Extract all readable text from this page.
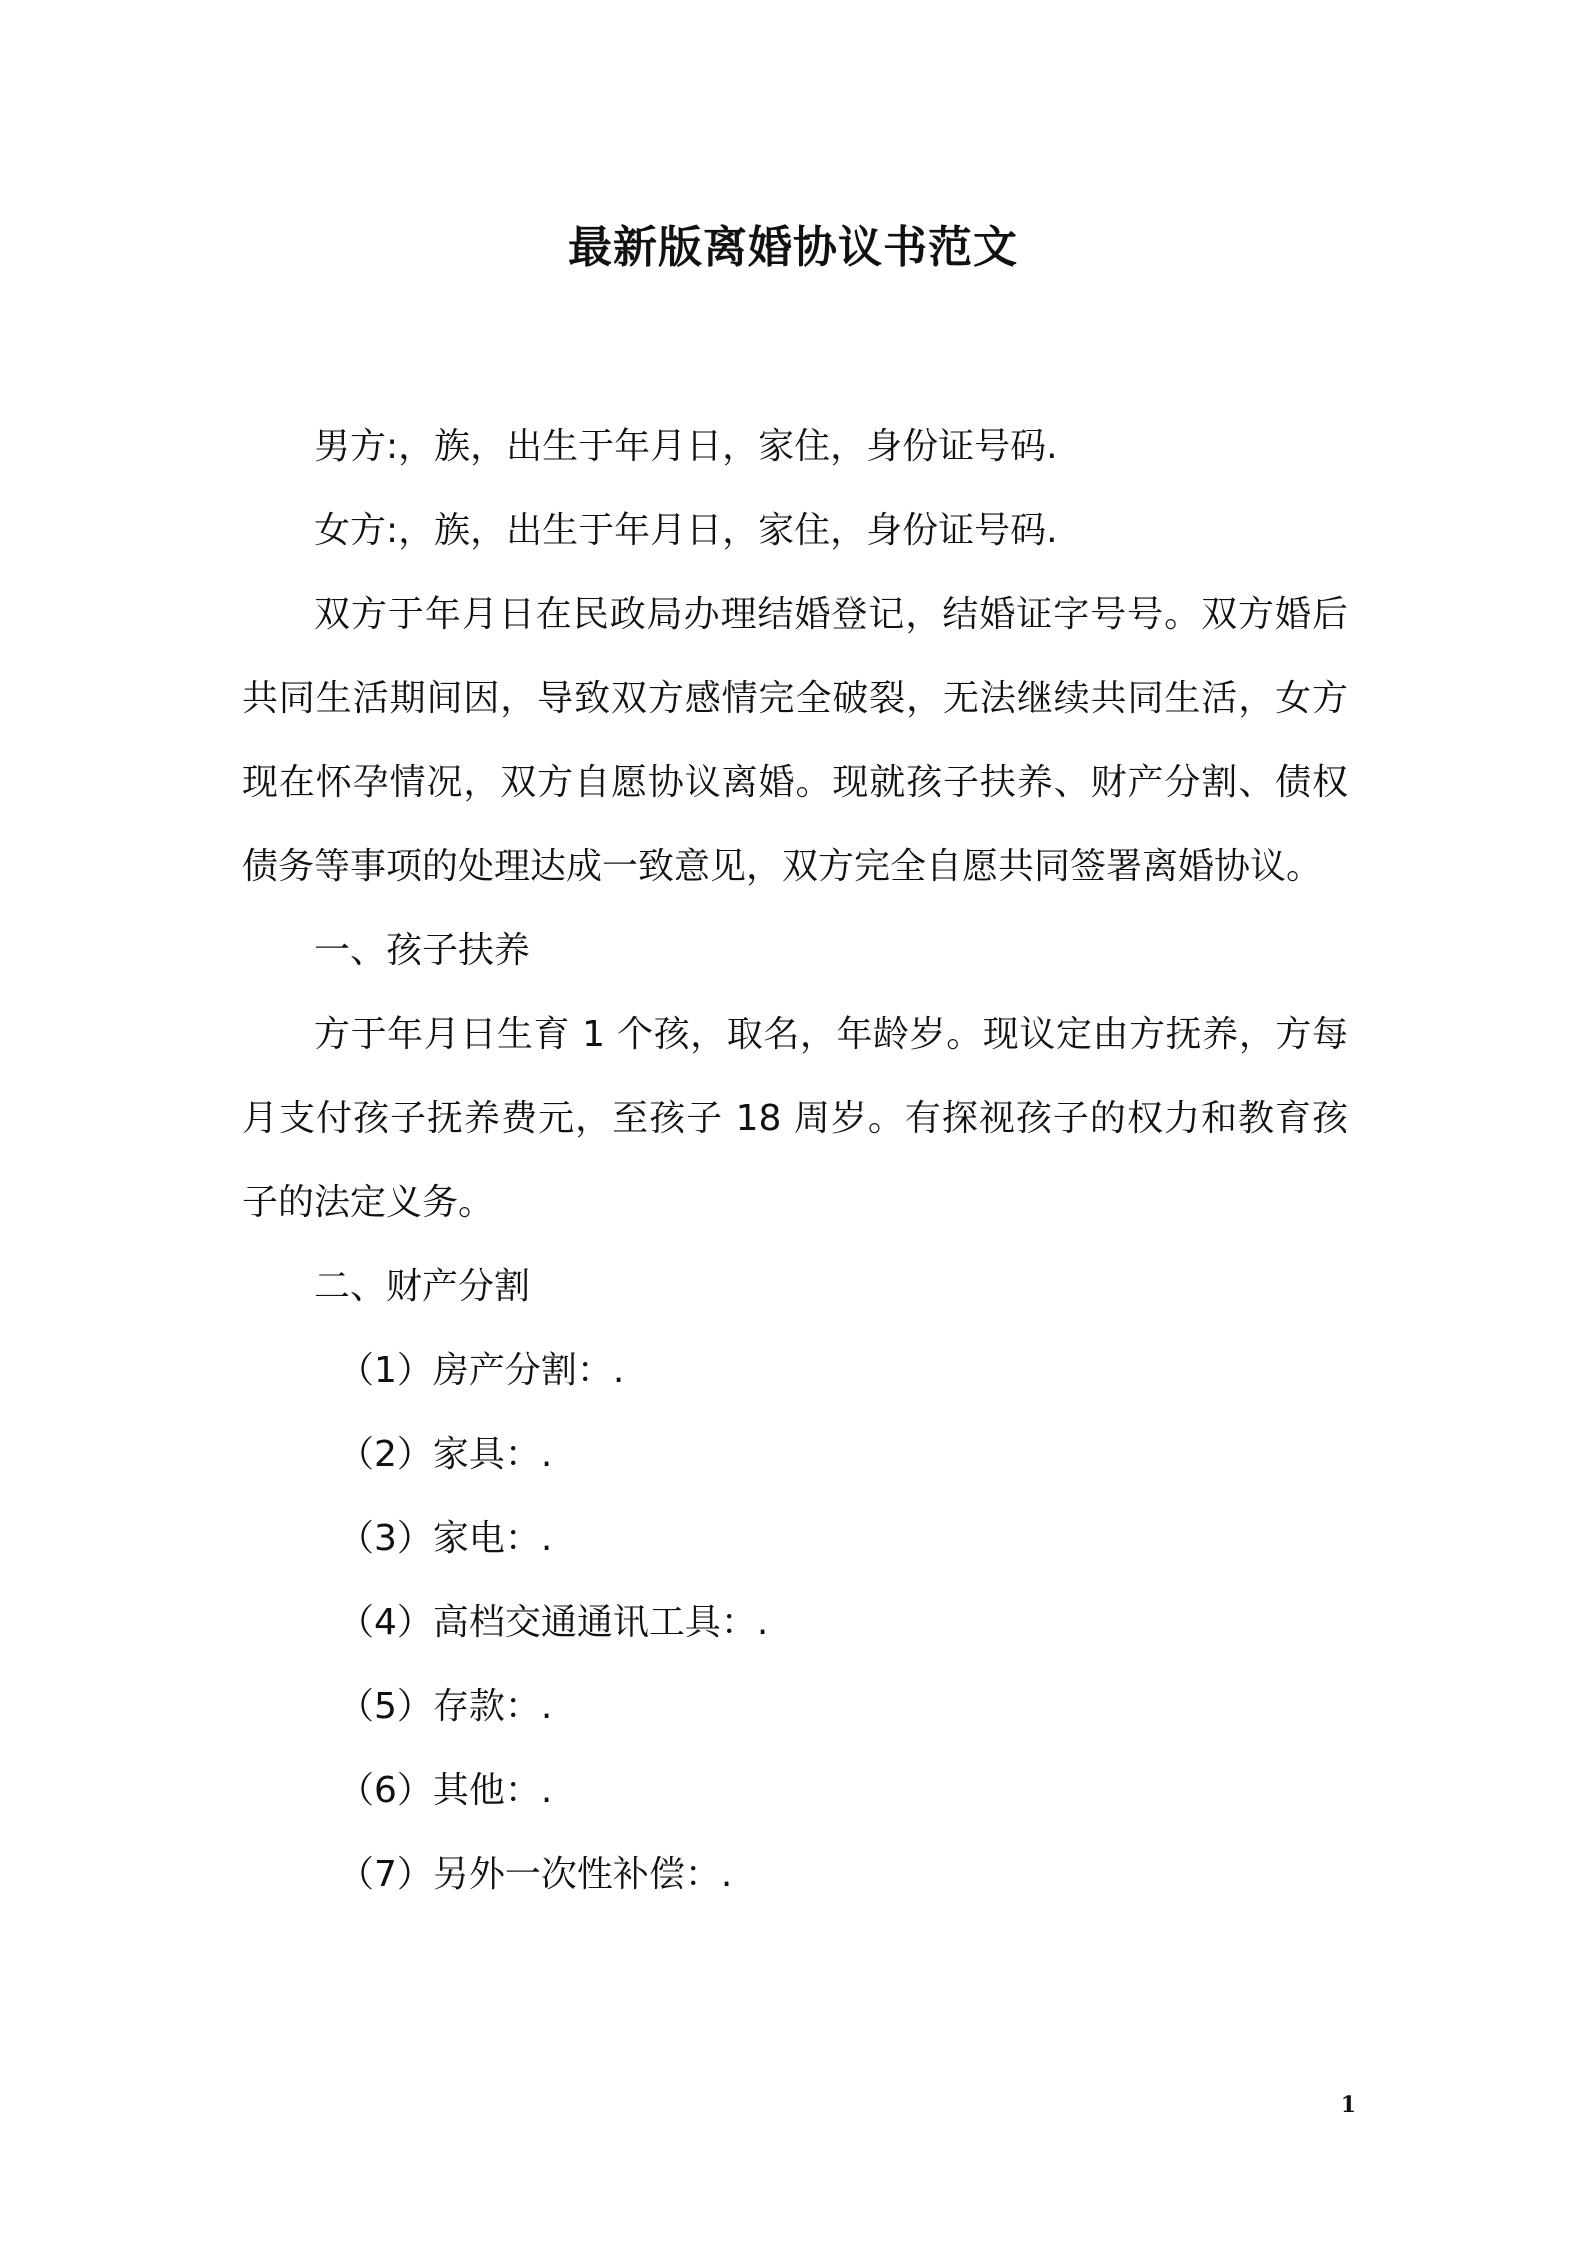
最新版离婚协议书范文

男方:，族，出生于年月日，家住，身份证号码.

女方:，族，出生于年月日，家住，身份证号码.

双方于年月日在民政局办理结婚登记，结婚证字号号。双方婚后共同生活期间因，导致双方感情完全破裂，无法继续共同生活，女方现在怀孕情况，双方自愿协议离婚。现就孩子扶养、财产分割、债权债务等事项的处理达成一致意见，双方完全自愿共同签署离婚协议。

一、孩子扶养

方于年月日生育 1 个孩，取名，年龄岁。现议定由方抚养，方每月支付孩子抚养费元，至孩子 18 周岁。有探视孩子的权力和教育孩子的法定义务。

二、财产分割

（1）房产分割：.

（2）家具：.

（3）家电：.

（4）高档交通通讯工具：.

（5）存款：.

（6）其他：.

（7）另外一次性补偿：.

1
